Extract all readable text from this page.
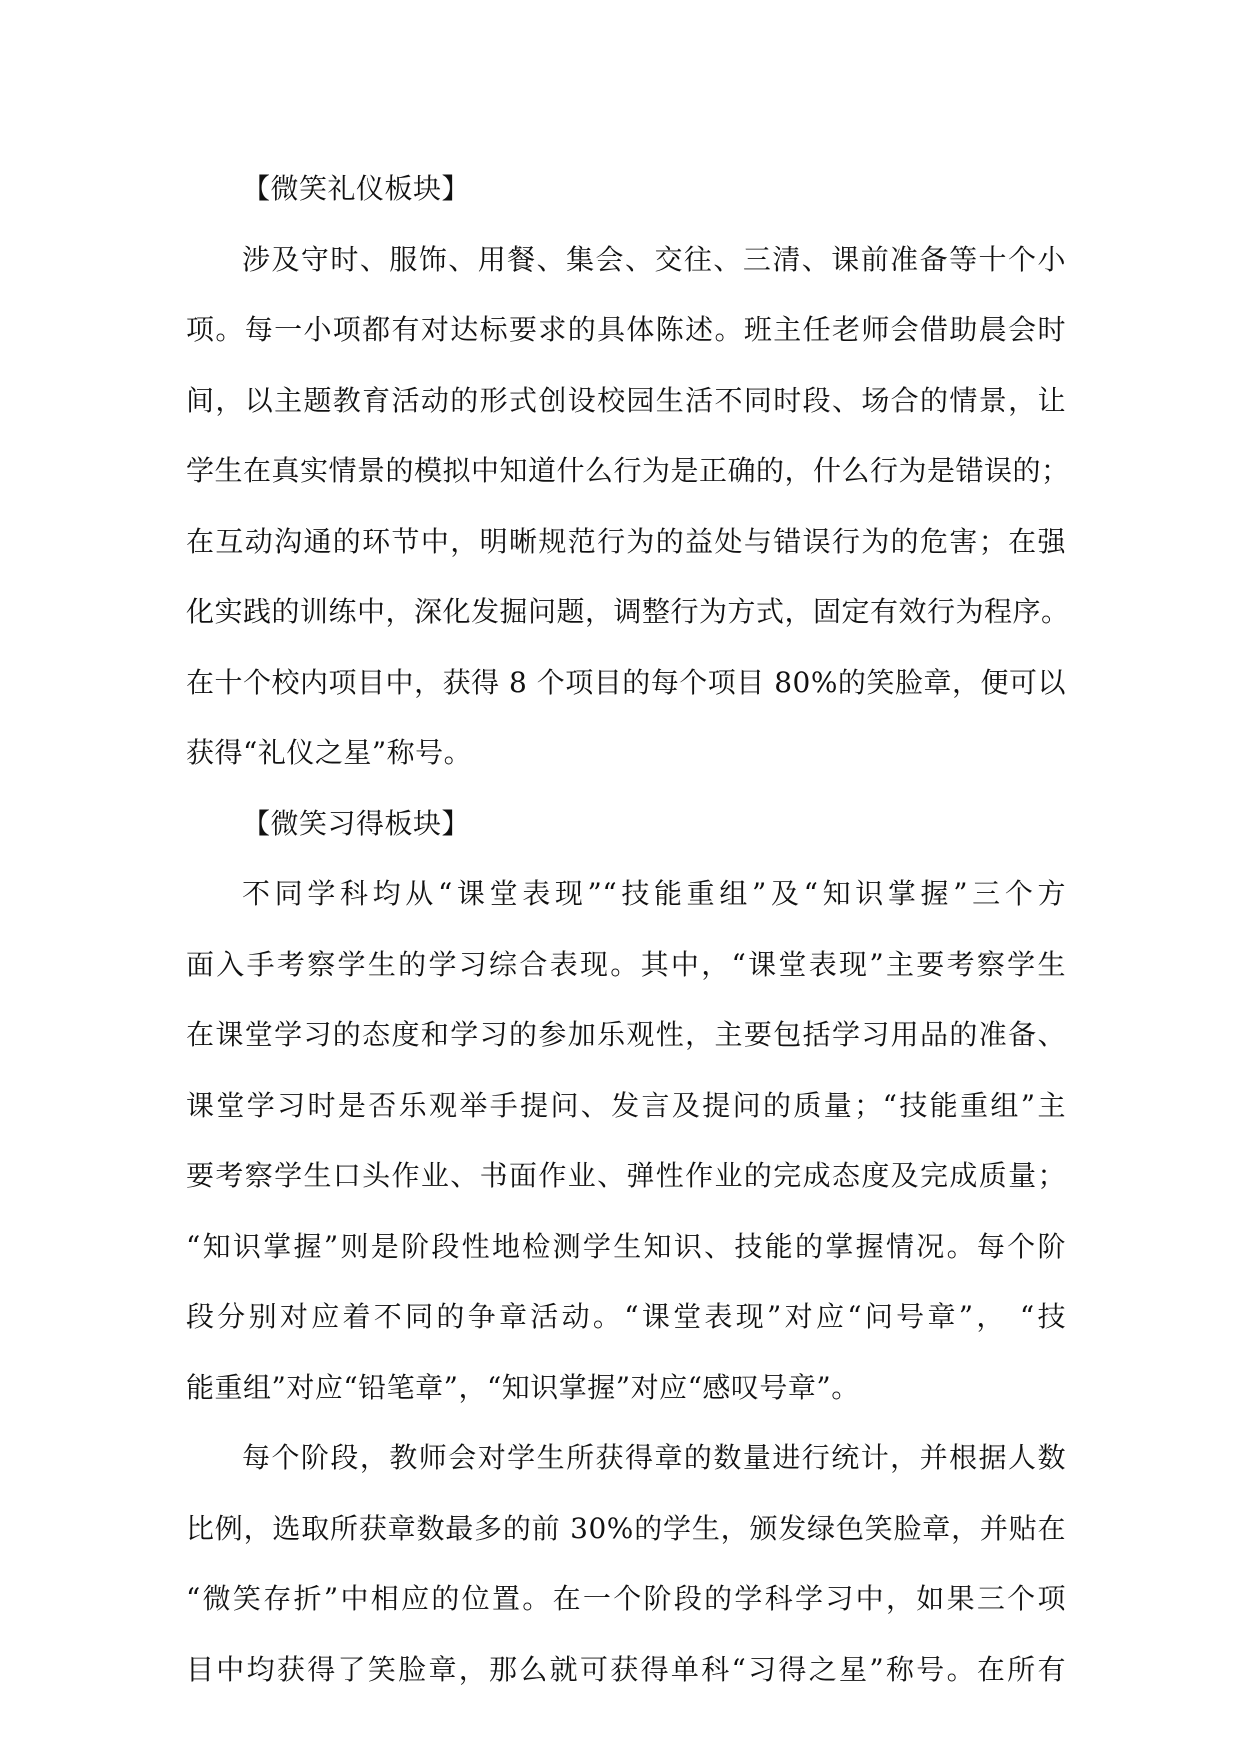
【微笑礼仪板块】
涉及守时、服饰、用餐、集会、交往、三清、课前准备等十个小
项。每一小项都有对达标要求的具体陈述。班主任老师会借助晨会时
间，以主题教育活动的形式创设校园生活不同时段、场合的情景，让
学生在真实情景的模拟中知道什么行为是正确的，什么行为是错误的；
在互动沟通的环节中，明晰规范行为的益处与错误行为的危害；在强
化实践的训练中，深化发掘问题，调整行为方式，固定有效行为程序。
在十个校内项目中，获得 8 个项目的每个项目 80%的笑脸章，便可以
获得“礼仪之星”称号。
【微笑习得板块】
不同学科均从“课堂表现”“技能重组”及“知识掌握”三个方
面入手考察学生的学习综合表现。其中，“课堂表现”主要考察学生
在课堂学习的态度和学习的参加乐观性，主要包括学习用品的准备、
课堂学习时是否乐观举手提问、发言及提问的质量；“技能重组”主
要考察学生口头作业、书面作业、弹性作业的完成态度及完成质量；
“知识掌握”则是阶段性地检测学生知识、技能的掌握情况。每个阶
段分别对应着不同的争章活动。“课堂表现”对应“问号章”， “技
能重组”对应“铅笔章”，“知识掌握”对应“感叹号章”。
每个阶段，教师会对学生所获得章的数量进行统计，并根据人数
比例，选取所获章数最多的前 30%的学生，颁发绿色笑脸章，并贴在
“微笑存折”中相应的位置。在一个阶段的学科学习中，如果三个项
目中均获得了笑脸章，那么就可获得单科“习得之星”称号。在所有
